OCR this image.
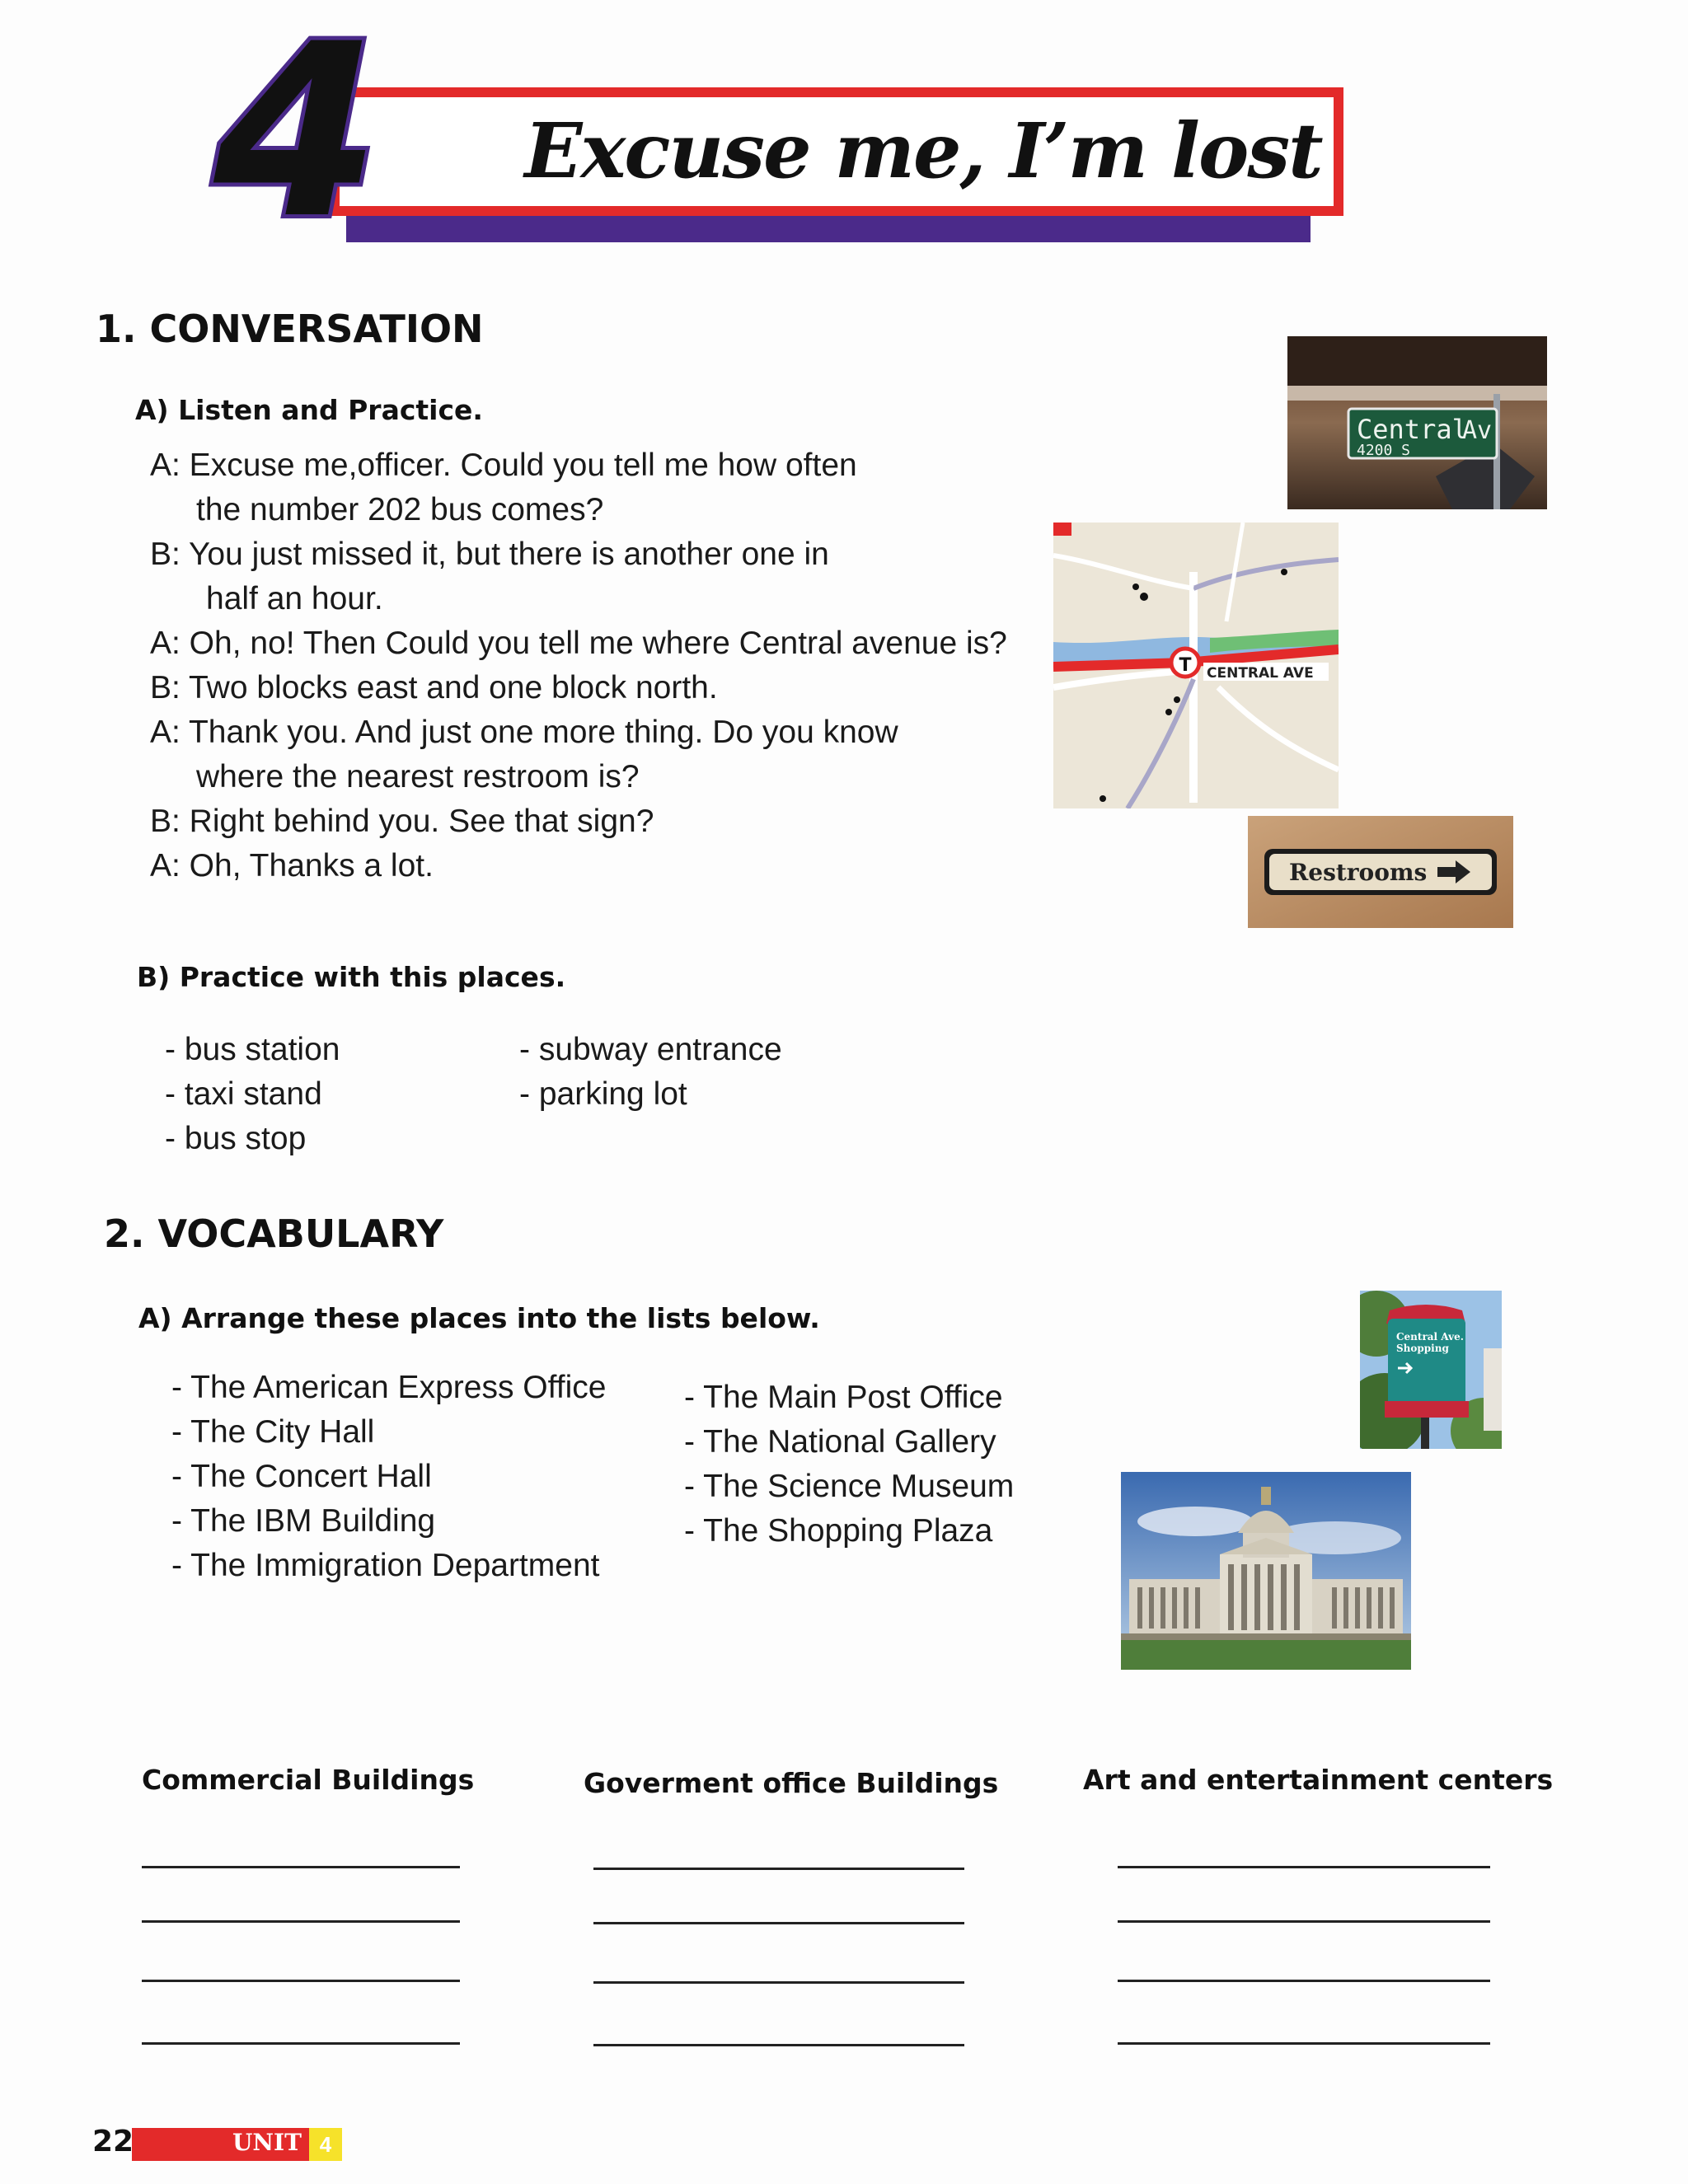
Excuse me, I’m lost
4
1. CONVERSATION
A) Listen and Practice.
A: Excuse me,officer. Could you tell me how often
the number 202 bus comes?
B: You just missed it, but there is another one in
half an hour.
A: Oh, no! Then Could you tell me where Central avenue is?
B: Two blocks east and one block north.
A: Thank you. And just one more thing. Do you know
where the nearest restroom is?
B: Right behind you. See that sign?
A: Oh, Thanks a lot.
B) Practice with this places.
- bus station
- taxi stand
- bus stop
- subway entrance
- parking lot
Central
Av
4200 S
T CENTRAL AVE
Restrooms
2. VOCABULARY
A) Arrange these places into the lists below.
- The American Express Office
- The City Hall
- The Concert Hall
- The IBM Building
- The Immigration Department
- The Main Post Office
- The National Gallery
- The Science Museum
- The Shopping Plaza
Central Ave.
Shopping
Commercial Buildings	Goverment office Buildings	Art and entertainment centers
22	UNIT 4
